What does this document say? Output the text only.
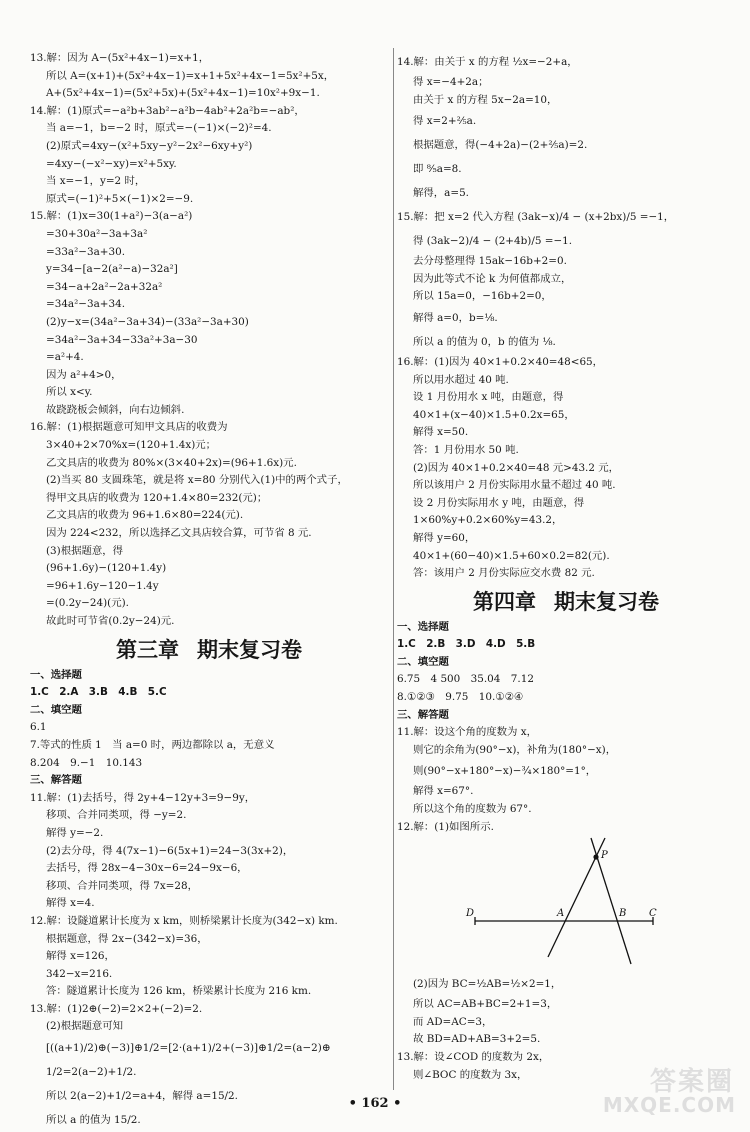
13.解：因为 A−(5x²+4x−1)=x+1，
所以 A=(x+1)+(5x²+4x−1)=x+1+5x²+4x−1=5x²+5x，
A+(5x²+4x−1)=(5x²+5x)+(5x²+4x−1)=10x²+9x−1.
14.解：(1)原式=−a²b+3ab²−a²b−4ab²+2a²b=−ab²，
当 a=−1，b=−2 时，原式=−(−1)×(−2)²=4.
(2)原式=4xy−(x²+5xy−y²−2x²−6xy+y²)
=4xy−(−x²−xy)=x²+5xy.
当 x=−1，y=2 时，
原式=(−1)²+5×(−1)×2=−9.
15.解：(1)x=30(1+a²)−3(a−a²)
=30+30a²−3a+3a²
=33a²−3a+30.
y=34−[a−2(a²−a)−32a²]
=34−a+2a²−2a+32a²
=34a²−3a+34.
(2)y−x=(34a²−3a+34)−(33a²−3a+30)
=34a²−3a+34−33a²+3a−30
=a²+4.
因为 a²+4>0，
所以 x<y.
故跷跷板会倾斜，向右边倾斜.
16.解：(1)根据题意可知甲文具店的收费为
3×40+2×70%x=(120+1.4x)元；
乙文具店的收费为 80%×(3×40+2x)=(96+1.6x)元.
(2)当买 80 支圆珠笔，就是将 x=80 分别代入(1)中的两个式子，
得甲文具店的收费为 120+1.4×80=232(元)；
乙文具店的收费为 96+1.6×80=224(元).
因为 224<232，所以选择乙文具店较合算，可节省 8 元.
(3)根据题意，得
(96+1.6y)−(120+1.4y)
=96+1.6y−120−1.4y
=(0.2y−24)(元).
故此时可节省(0.2y−24)元.
第三章 期末复习卷
一、选择题
1.C　2.A　3.B　4.B　5.C
二、填空题
6.1
7.等式的性质 1　当 a=0 时，两边都除以 a，无意义
8.204　9.−1　10.143
三、解答题
11.解：(1)去括号，得 2y+4−12y+3=9−9y，
移项、合并同类项，得 −y=2.
解得 y=−2.
(2)去分母，得 4(7x−1)−6(5x+1)=24−3(3x+2)，
去括号，得 28x−4−30x−6=24−9x−6，
移项、合并同类项，得 7x=28，
解得 x=4.
12.解：设隧道累计长度为 x km，则桥梁累计长度为(342−x) km.
根据题意，得 2x−(342−x)=36，
解得 x=126，
342−x=216.
答：隧道累计长度为 126 km，桥梁累计长度为 216 km.
13.解：(1)2⊕(−2)=2×2+(−2)=2.
(2)根据题意可知
[((a+1)/2)⊕(−3)]⊕1/2=[2·(a+1)/2+(−3)]⊕1/2=(a−2)⊕
1/2=2(a−2)+1/2.
所以 2(a−2)+1/2=a+4，解得 a=15/2.
所以 a 的值为 15/2.
14.解：由关于 x 的方程 ½x=−2+a，
得 x=−4+2a；
由关于 x 的方程 5x−2a=10，
得 x=2+⅖a.
根据题意，得(−4+2a)−(2+⅖a)=2.
即 ⁸⁄₅a=8.
解得，a=5.
15.解：把 x=2 代入方程 (3ak−x)/4 − (x+2bx)/5 =−1，
得 (3ak−2)/4 − (2+4b)/5 =−1.
去分母整理得 15ak−16b+2=0.
因为此等式不论 k 为何值都成立，
所以 15a=0，−16b+2=0，
解得 a=0，b=⅛.
所以 a 的值为 0，b 的值为 ⅛.
16.解：(1)因为 40×1+0.2×40=48<65，
所以用水超过 40 吨.
设 1 月份用水 x 吨，由题意，得
40×1+(x−40)×1.5+0.2x=65，
解得 x=50.
答：1 月份用水 50 吨.
(2)因为 40×1+0.2×40=48 元>43.2 元，
所以该用户 2 月份实际用水量不超过 40 吨.
设 2 月份实际用水 y 吨，由题意，得
1×60%y+0.2×60%y=43.2，
解得 y=60，
40×1+(60−40)×1.5+60×0.2=82(元).
答：该用户 2 月份实际应交水费 82 元.
第四章 期末复习卷
一、选择题
1.C　2.B　3.D　4.D　5.B
二、填空题
6.75　4 500　35.04　7.12
8.①②③　9.75　10.①②④
三、解答题
11.解：设这个角的度数为 x，
则它的余角为(90°−x)，补角为(180°−x)，
则(90°−x+180°−x)−¾×180°=1°，
解得 x=67°.
所以这个角的度数为 67°.
12.解：(1)如图所示.
P
D	A	B C
(2)因为 BC=½AB=½×2=1，
所以 AC=AB+BC=2+1=3，
而 AD=AC=3，
故 BD=AD+AB=3+2=5.
13.解：设∠COD 的度数为 2x，
则∠BOC 的度数为 3x，
• 162 •
答案圈
MXQE.COM
